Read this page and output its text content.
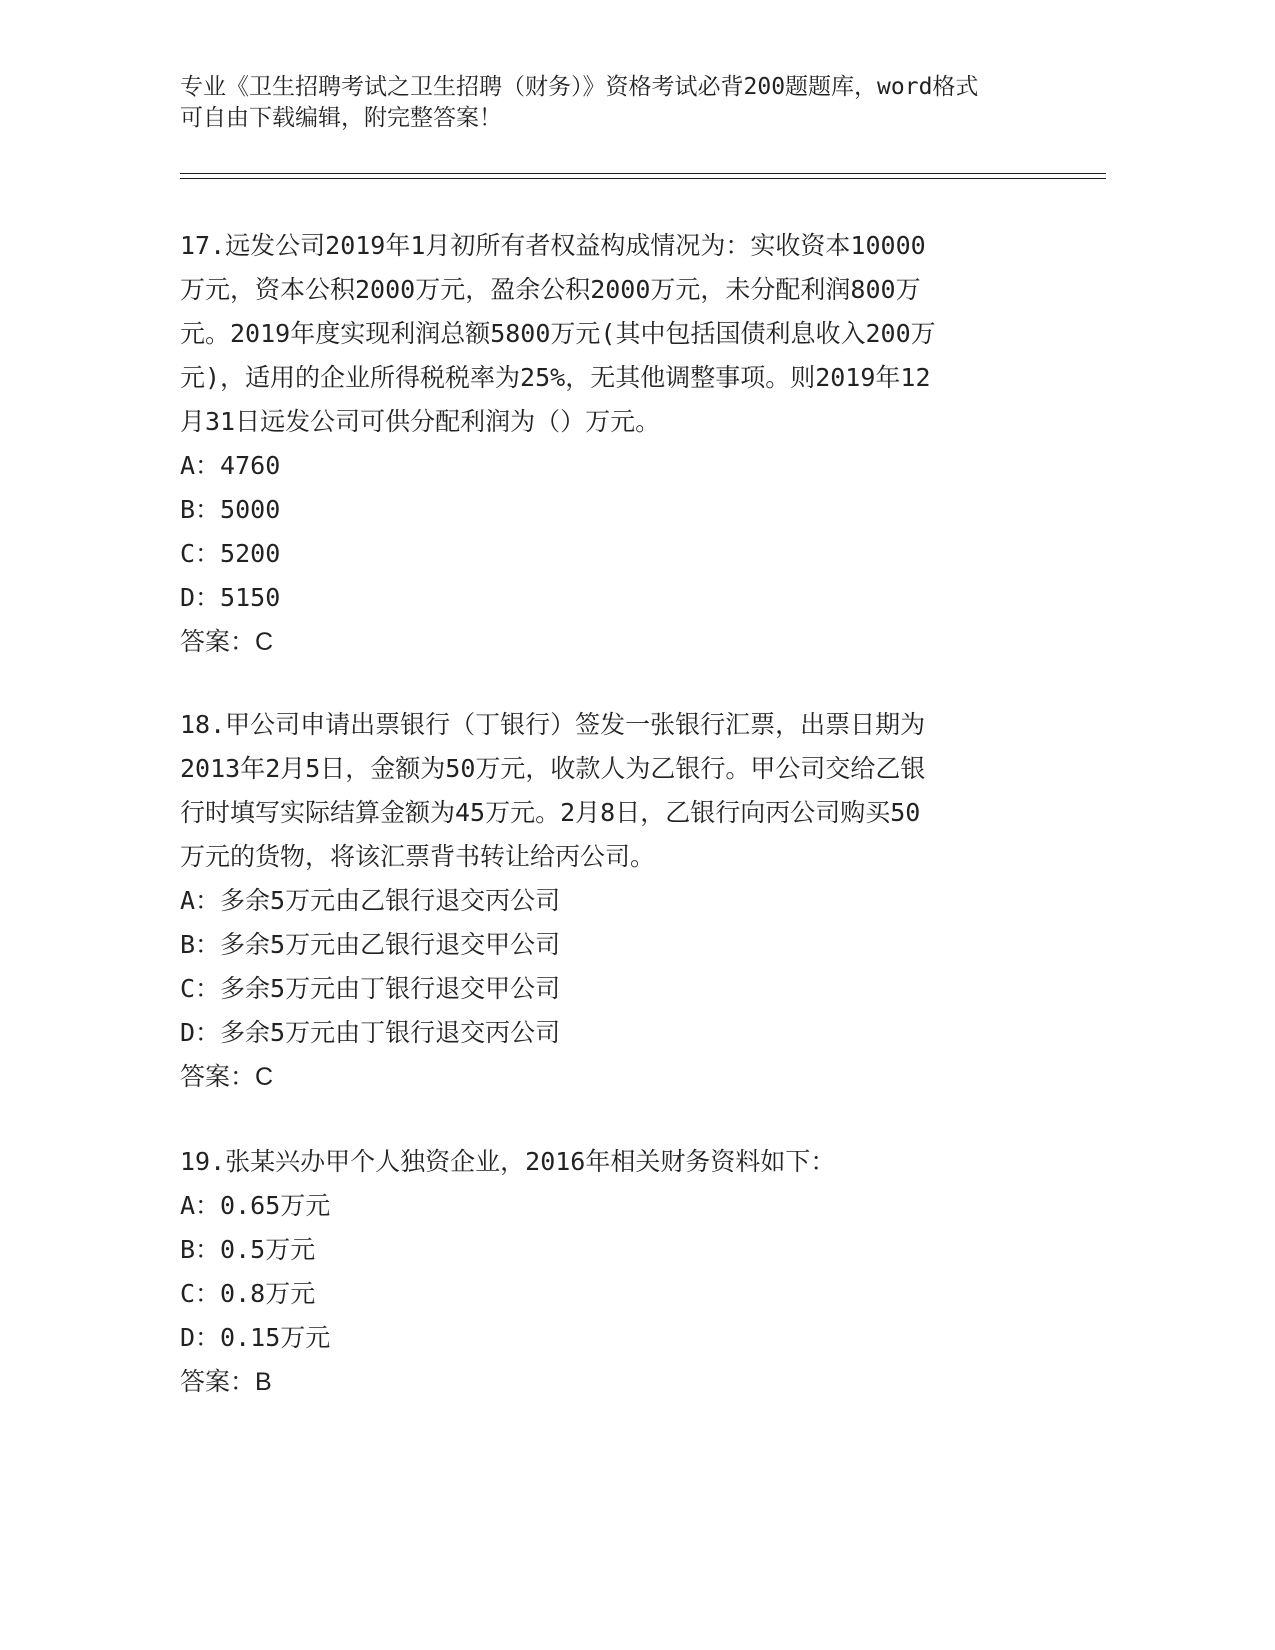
专业《卫生招聘考试之卫生招聘（财务）》资格考试必背200题题库，word格式

可自由下载编辑，附完整答案！

17.远发公司2019年1月初所有者权益构成情况为：实收资本10000

万元，资本公积2000万元，盈余公积2000万元，未分配利润800万

元。2019年度实现利润总额5800万元(其中包括国债利息收入200万

元)，适用的企业所得税税率为25%，无其他调整事项。则2019年12

月31日远发公司可供分配利润为（）万元。

A：4760
B：5000
C：5200
D：5150
答案：C

18.甲公司申请出票银行（丁银行）签发一张银行汇票，出票日期为

2013年2月5日，金额为50万元，收款人为乙银行。甲公司交给乙银

行时填写实际结算金额为45万元。2月8日，乙银行向丙公司购买50

万元的货物，将该汇票背书转让给丙公司。

A：多余5万元由乙银行退交丙公司
B：多余5万元由乙银行退交甲公司
C：多余5万元由丁银行退交甲公司
D：多余5万元由丁银行退交丙公司
答案：C

19.张某兴办甲个人独资企业，2016年相关财务资料如下：

A：0.65万元
B：0.5万元
C：0.8万元
D：0.15万元
答案：B
